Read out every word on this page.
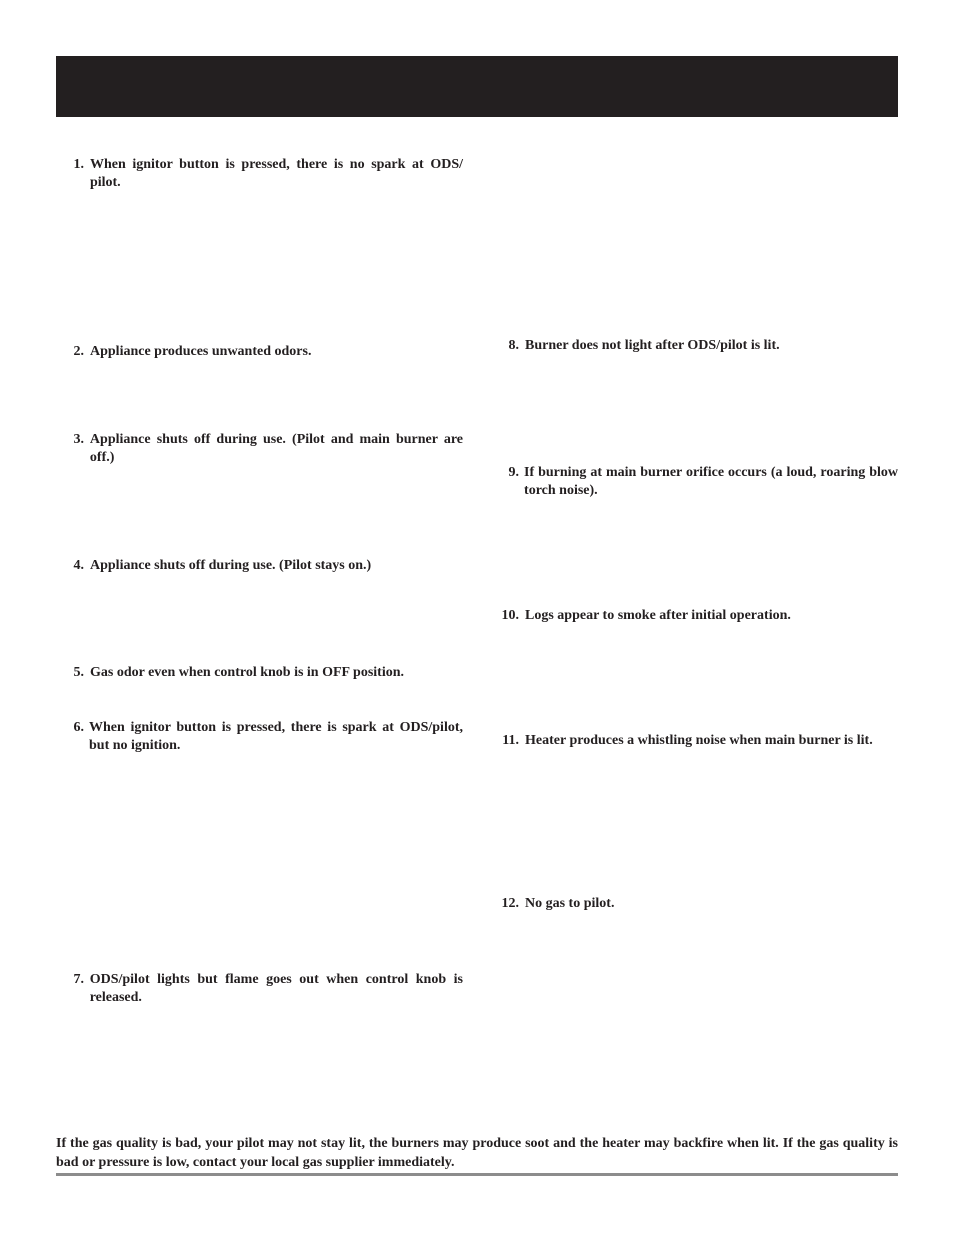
1. When ignitor button is pressed, there is no spark at ODS/ pilot.
2. Appliance produces unwanted odors.
3. Appliance shuts off during use. (Pilot and main burner are off.)
4. Appliance shuts off during use. (Pilot stays on.)
5. Gas odor even when control knob is in OFF position.
6. When ignitor button is pressed, there is spark at ODS/pilot, but no ignition.
7. ODS/pilot lights but flame goes out when control knob is released.
8. Burner does not light after ODS/pilot is lit.
9. If burning at main burner orifice occurs (a loud, roaring blow torch noise).
10. Logs appear to smoke after initial operation.
11. Heater produces a whistling noise when main burner is lit.
12. No gas to pilot.
If the gas quality is bad, your pilot may not stay lit, the burners may produce soot and the heater may backfire when lit. If the gas quality is bad or pressure is low, contact your local gas supplier immediately.
